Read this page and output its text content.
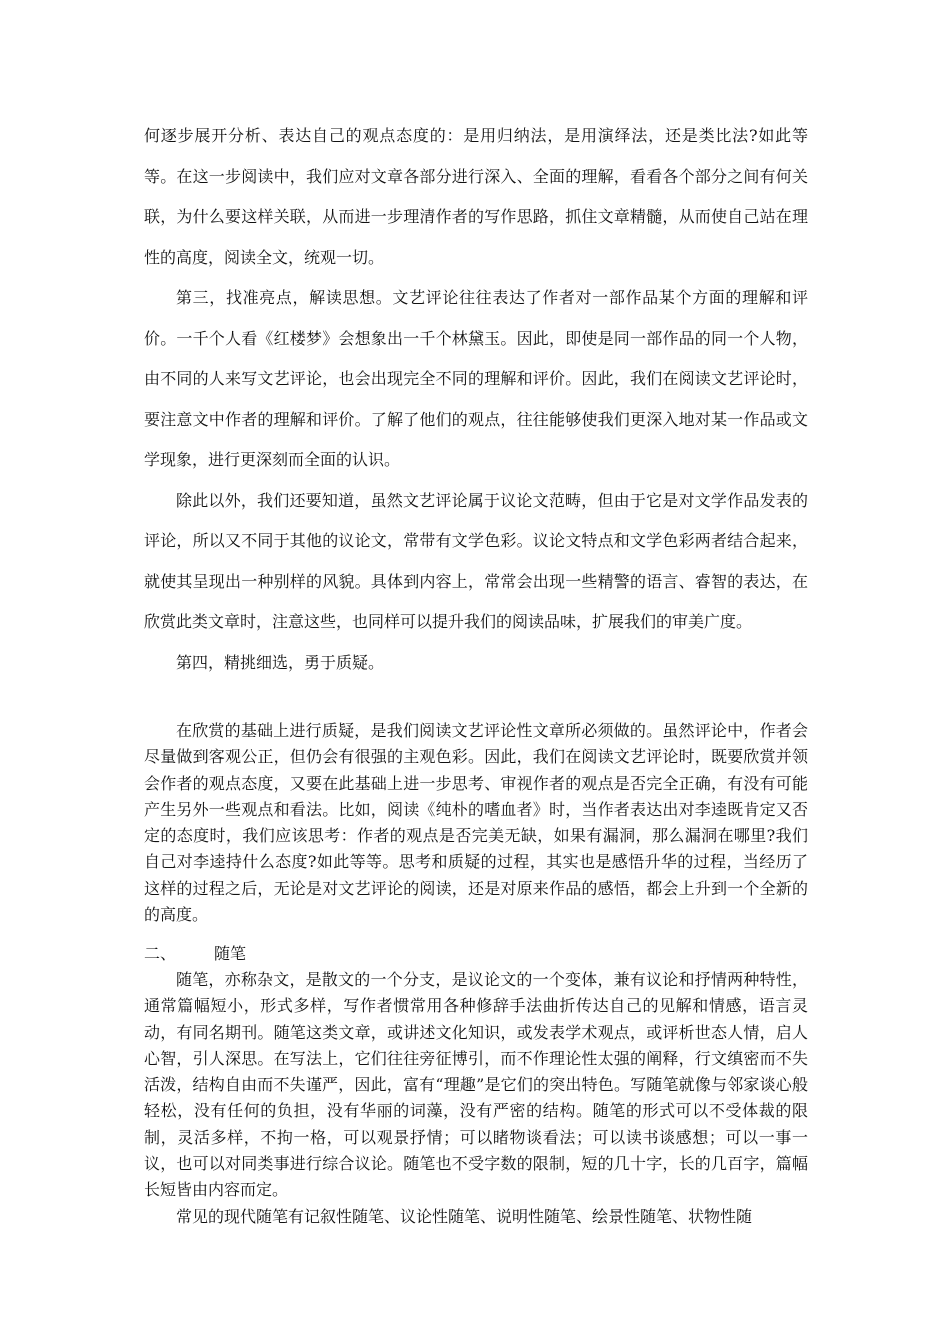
何逐步展开分析、表达自己的观点态度的：是用归纳法，是用演绎法，还是类比法?如此等等。在这一步阅读中，我们应对文章各部分进行深入、全面的理解，看看各个部分之间有何关联，为什么要这样关联，从而进一步理清作者的写作思路，抓住文章精髓，从而使自己站在理性的高度，阅读全文，统观一切。

第三，找准亮点，解读思想。文艺评论往往表达了作者对一部作品某个方面的理解和评价。一千个人看《红楼梦》会想象出一千个林黛玉。因此，即使是同一部作品的同一个人物，由不同的人来写文艺评论，也会出现完全不同的理解和评价。因此，我们在阅读文艺评论时，要注意文中作者的理解和评价。了解了他们的观点，往往能够使我们更深入地对某一作品或文学现象，进行更深刻而全面的认识。

除此以外，我们还要知道，虽然文艺评论属于议论文范畴，但由于它是对文学作品发表的评论，所以又不同于其他的议论文，常带有文学色彩。议论文特点和文学色彩两者结合起来，就使其呈现出一种别样的风貌。具体到内容上，常常会出现一些精警的语言、睿智的表达，在欣赏此类文章时，注意这些，也同样可以提升我们的阅读品味，扩展我们的审美广度。

第四，精挑细选，勇于质疑。

在欣赏的基础上进行质疑，是我们阅读文艺评论性文章所必须做的。虽然评论中，作者会尽量做到客观公正，但仍会有很强的主观色彩。因此，我们在阅读文艺评论时，既要欣赏并领会作者的观点态度，又要在此基础上进一步思考、审视作者的观点是否完全正确，有没有可能产生另外一些观点和看法。比如，阅读《纯朴的嗜血者》时，当作者表达出对李逵既肯定又否定的态度时，我们应该思考：作者的观点是否完美无缺，如果有漏洞，那么漏洞在哪里?我们自己对李逵持什么态度?如此等等。思考和质疑的过程，其实也是感悟升华的过程，当经历了这样的过程之后，无论是对文艺评论的阅读，还是对原来作品的感悟，都会上升到一个全新的的高度。

二、 随笔

随笔，亦称杂文，是散文的一个分支，是议论文的一个变体，兼有议论和抒情两种特性，通常篇幅短小，形式多样，写作者惯常用各种修辞手法曲折传达自己的见解和情感，语言灵动，有同名期刊。随笔这类文章，或讲述文化知识，或发表学术观点，或评析世态人情，启人心智，引人深思。在写法上，它们往往旁征博引，而不作理论性太强的阐释，行文缜密而不失活泼，结构自由而不失谨严，因此，富有“理趣”是它们的突出特色。写随笔就像与邻家谈心般轻松，没有任何的负担，没有华丽的词藻，没有严密的结构。随笔的形式可以不受体裁的限制，灵活多样，不拘一格，可以观景抒情；可以睹物谈看法；可以读书谈感想；可以一事一议，也可以对同类事进行综合议论。随笔也不受字数的限制，短的几十字，长的几百字，篇幅长短皆由内容而定。

常见的现代随笔有记叙性随笔、议论性随笔、说明性随笔、绘景性随笔、状物性随
